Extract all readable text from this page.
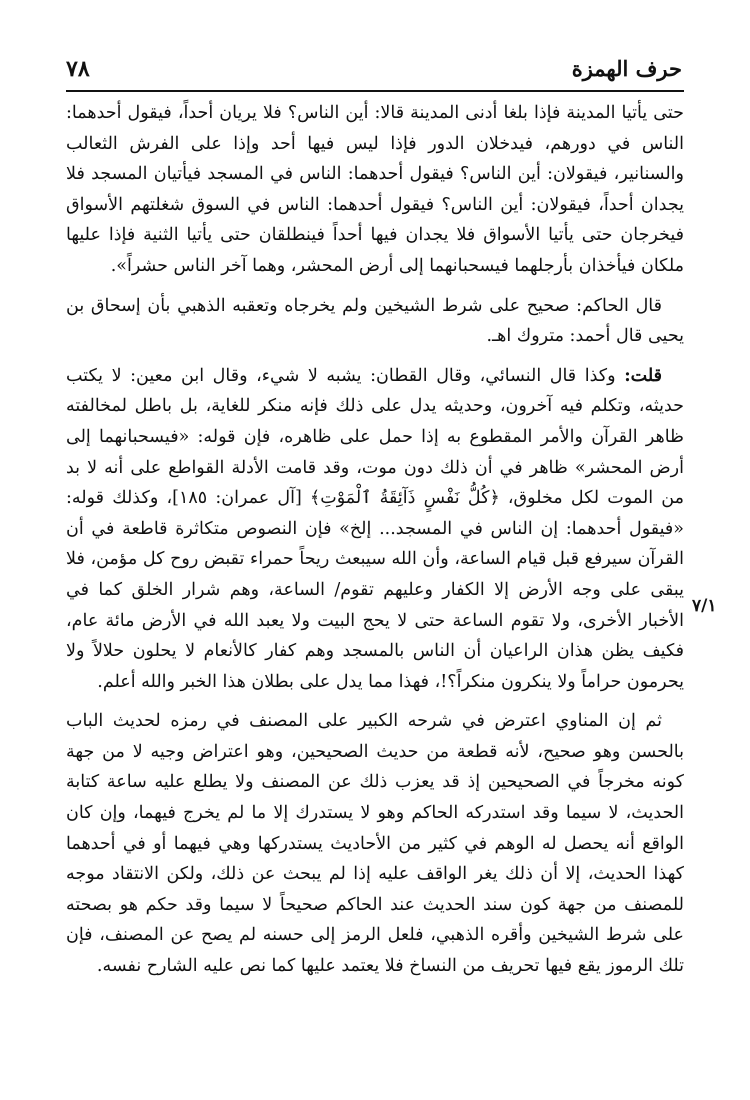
٧٨	حرف الهمزة
٧/١

حتى يأتيا المدينة فإذا بلغا أدنى المدينة قالا: أين الناس؟ فلا يريان أحداً، فيقول أحدهما: الناس في دورهم، فيدخلان الدور فإذا ليس فيها أحد وإذا على الفرش الثعالب والسنانير، فيقولان: أين الناس؟ فيقول أحدهما: الناس في المسجد فيأتيان المسجد فلا يجدان أحداً، فيقولان: أين الناس؟ فيقول أحدهما: الناس في السوق شغلتهم الأسواق فيخرجان حتى يأتيا الأسواق فلا يجدان فيها أحداً فينطلقان حتى يأتيا الثنية فإذا عليها ملكان فيأخذان بأرجلهما فيسحبانهما إلى أرض المحشر، وهما آخر الناس حشراً».

قال الحاكم: صحيح على شرط الشيخين ولم يخرجاه وتعقبه الذهبي بأن إسحاق بن يحيى قال أحمد: متروك اهـ.

قلت: وكذا قال النسائي، وقال القطان: يشبه لا شيء، وقال ابن معين: لا يكتب حديثه، وتكلم فيه آخرون، وحديثه يدل على ذلك فإنه منكر للغاية، بل باطل لمخالفته ظاهر القرآن والأمر المقطوع به إذا حمل على ظاهره، فإن قوله: «فيسحبانهما إلى أرض المحشر» ظاهر في أن ذلك دون موت، وقد قامت الأدلة القواطع على أنه لا بد من الموت لكل مخلوق، ﴿كُلُّ نَفْسٍ ذَآئِقَةُ ٱلْمَوْتِ﴾ [آل عمران: ١٨٥]، وكذلك قوله: «فيقول أحدهما: إن الناس في المسجد... إلخ» فإن النصوص متكاثرة قاطعة في أن القرآن سيرفع قبل قيام الساعة، وأن الله سيبعث ريحاً حمراء تقبض روح كل مؤمن، فلا يبقى على وجه الأرض إلا الكفار وعليهم تقوم/ الساعة، وهم شرار الخلق كما في الأخبار الأخرى، ولا تقوم الساعة حتى لا يحج البيت ولا يعبد الله في الأرض مائة عام، فكيف يظن هذان الراعيان أن الناس بالمسجد وهم كفار كالأنعام لا يحلون حلالاً ولا يحرمون حراماً ولا ينكرون منكراً؟!، فهذا مما يدل على بطلان هذا الخبر والله أعلم.

ثم إن المناوي اعترض في شرحه الكبير على المصنف في رمزه لحديث الباب بالحسن وهو صحيح، لأنه قطعة من حديث الصحيحين، وهو اعتراض وجيه لا من جهة كونه مخرجاً في الصحيحين إذ قد يعزب ذلك عن المصنف ولا يطلع عليه ساعة كتابة الحديث، لا سيما وقد استدركه الحاكم وهو لا يستدرك إلا ما لم يخرج فيهما، وإن كان الواقع أنه يحصل له الوهم في كثير من الأحاديث يستدركها وهي فيهما أو في أحدهما كهذا الحديث، إلا أن ذلك يغر الواقف عليه إذا لم يبحث عن ذلك، ولكن الانتقاد موجه للمصنف من جهة كون سند الحديث عند الحاكم صحيحاً لا سيما وقد حكم هو بصحته على شرط الشيخين وأقره الذهبي، فلعل الرمز إلى حسنه لم يصح عن المصنف، فإن تلك الرموز يقع فيها تحريف من النساخ فلا يعتمد عليها كما نص عليه الشارح نفسه.
